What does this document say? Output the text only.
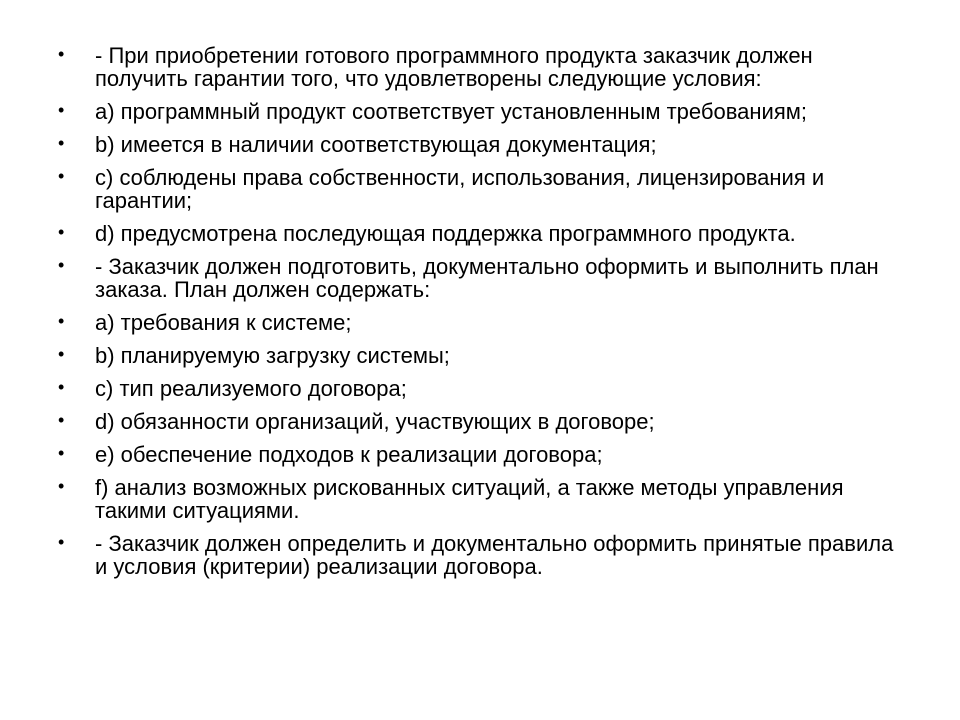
• - При приобретении готового программного продукта заказчик должен получить гарантии того, что удовлетворены следующие условия:
• a) программный продукт соответствует установленным требованиям;
• b) имеется в наличии соответствующая документация;
• c) соблюдены права собственности, использования, лицензирования и гарантии;
• d) предусмотрена последующая поддержка программного продукта.
• - Заказчик должен подготовить, документально оформить и выполнить план заказа. План должен содержать:
• a) требования к системе;
• b) планируемую загрузку системы;
• c) тип реализуемого договора;
• d) обязанности организаций, участвующих в договоре;
• e) обеспечение подходов к реализации договора;
• f) анализ возможных рискованных ситуаций, а также методы управления такими ситуациями.
• - Заказчик должен определить и документально оформить принятые правила и условия (критерии) реализации договора.
